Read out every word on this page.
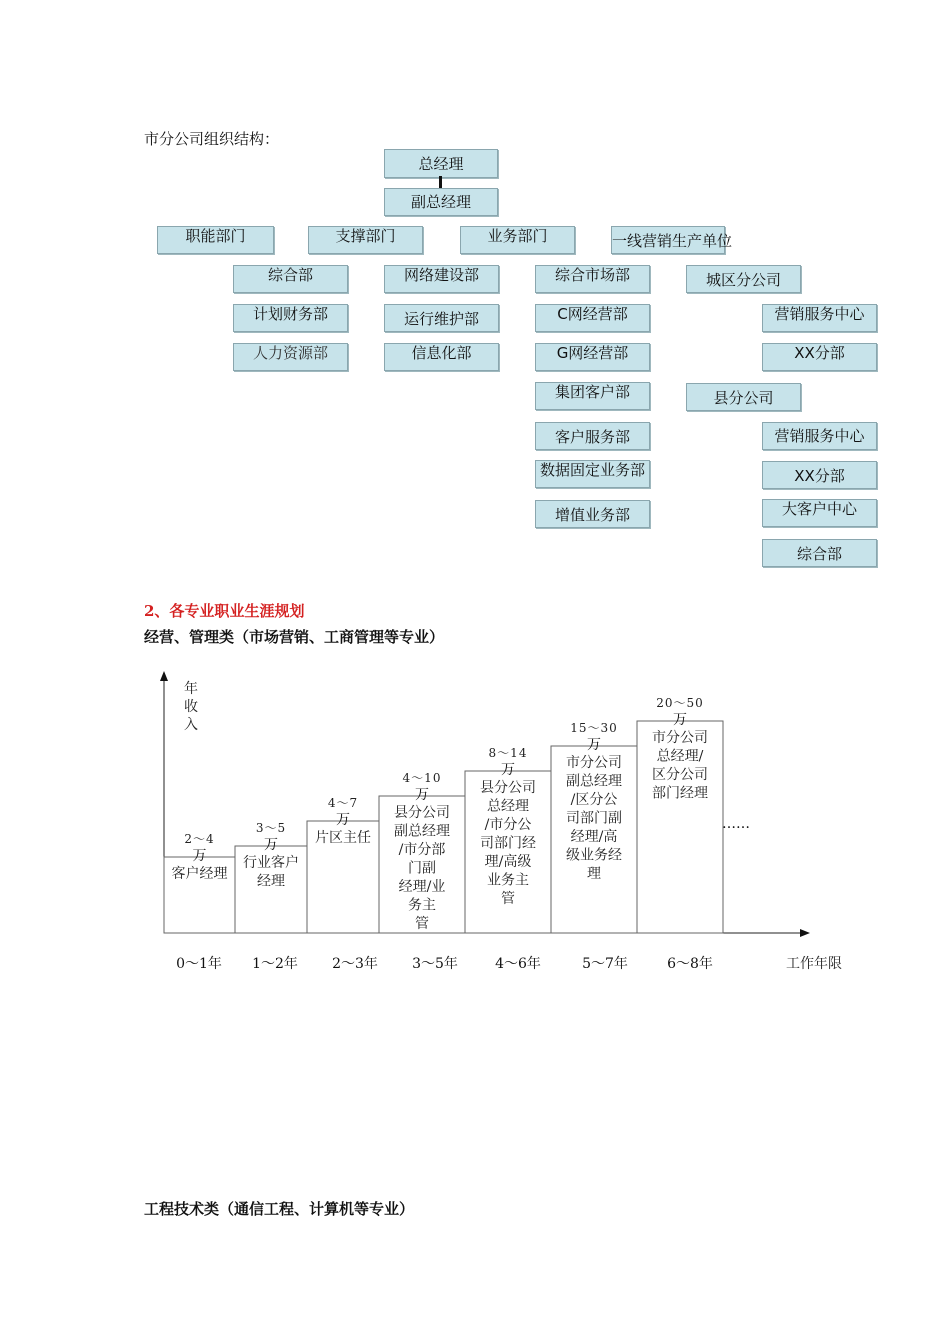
市分公司组织结构：
总经理
副总经理
职能部门	支撑部门	业务部门	一线营销生产单位
综合部
计划财务部
人力资源部
网络建设部
运行维护部
信息化部
综合市场部
C网经营部
G网经营部
集团客户部
客户服务部
数据固定业务部
增值业务部
城区分公司
县分公司
营销服务中心
XX分部
营销服务中心
XX分部
大客户中心
综合部
2、各专业职业生涯规划
经营、管理类（市场营销、工商管理等专业）
年收入
工作年限
2～4
万
客户经理
0～1年
3～5
万
行业客户经理
1～2年
4～7
万
片区主任
2～3年
4～10
万
县分公司副总经理/市分部门副经理/业务主管
3～5年
8～14
万
县分公司总经理/市分公司部门经理/高级业务主管
4～6年
15～30
万
市分公司副总经理/区分公司部门副经理/高级业务经理
5～7年
20～50
万
市分公司总经理/区分公司部门经理
6～8年
……
工程技术类（通信工程、计算机等专业）
